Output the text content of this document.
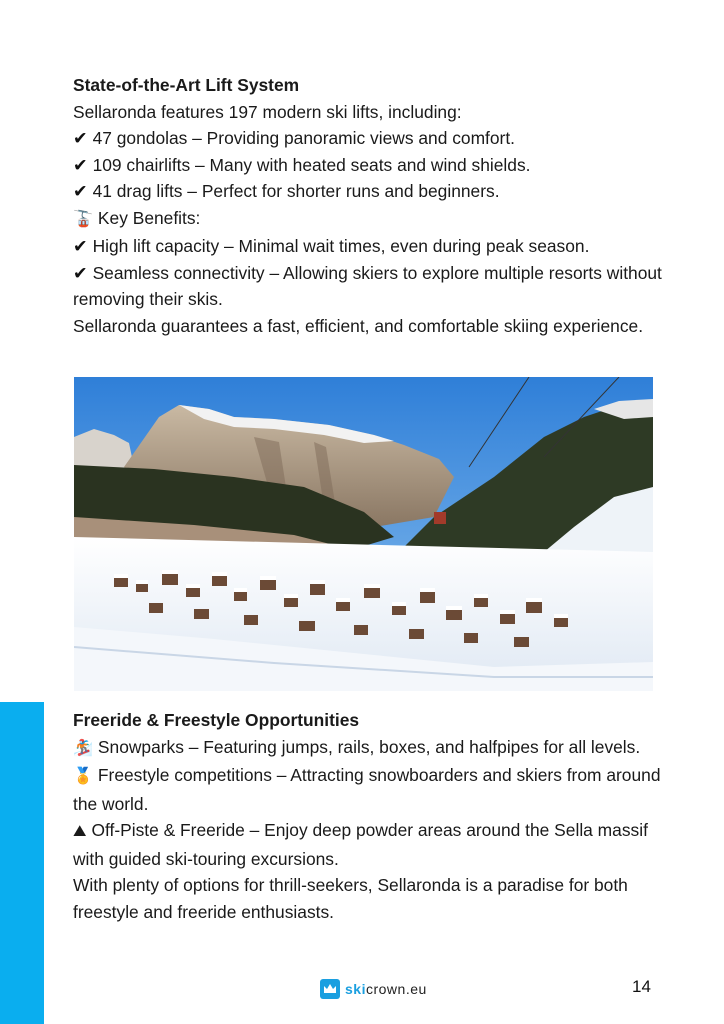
State-of-the-Art Lift System

Sellaronda features 197 modern ski lifts, including:

✔ 47 gondolas – Providing panoramic views and comfort.

✔ 109 chairlifts – Many with heated seats and wind shields.

✔ 41 drag lifts – Perfect for shorter runs and beginners.

🚡 Key Benefits:

✔ High lift capacity – Minimal wait times, even during peak season.

✔ Seamless connectivity – Allowing skiers to explore multiple resorts without removing their skis.

Sellaronda guarantees a fast, efficient, and comfortable skiing experience.

Freeride & Freestyle Opportunities

🏂 Snowparks – Featuring jumps, rails, boxes, and halfpipes for all levels.

🏅 Freestyle competitions – Attracting snowboarders and skiers from around the world.

⛰ Off-Piste & Freeride – Enjoy deep powder areas around the Sella massif with guided ski-touring excursions.

With plenty of options for thrill-seekers, Sellaronda is a paradise for both freestyle and freeride enthusiasts.

ski crown.eu	14
